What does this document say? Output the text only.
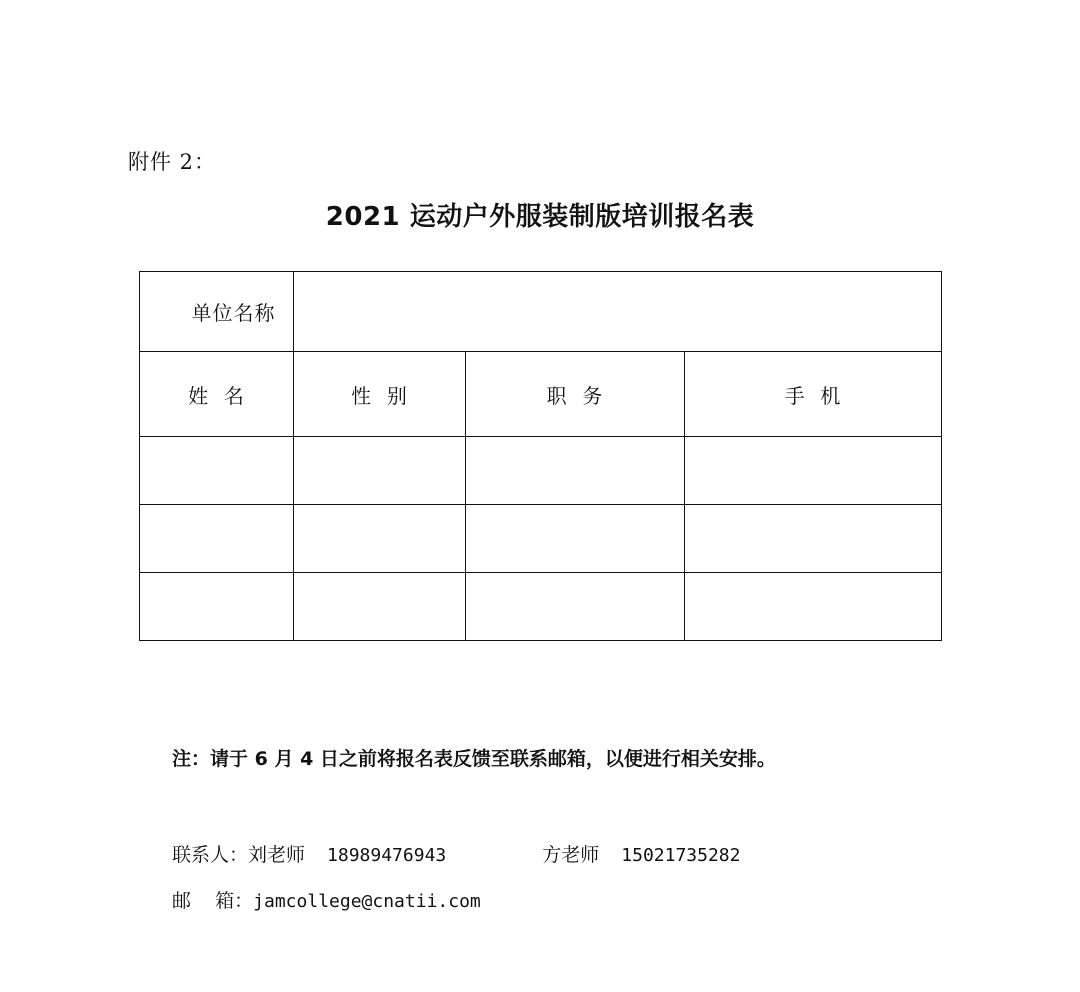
附件 2：
2021 运动户外服装制版培训报名表
单位名称			
姓  名	性  别	职  务	手  机

注：请于 6 月 4 日之前将报名表反馈至联系邮箱，以便进行相关安排。
联系人：刘老师 18989476943	方老师 15021735282
邮    箱：jamcollege@cnatii.com
